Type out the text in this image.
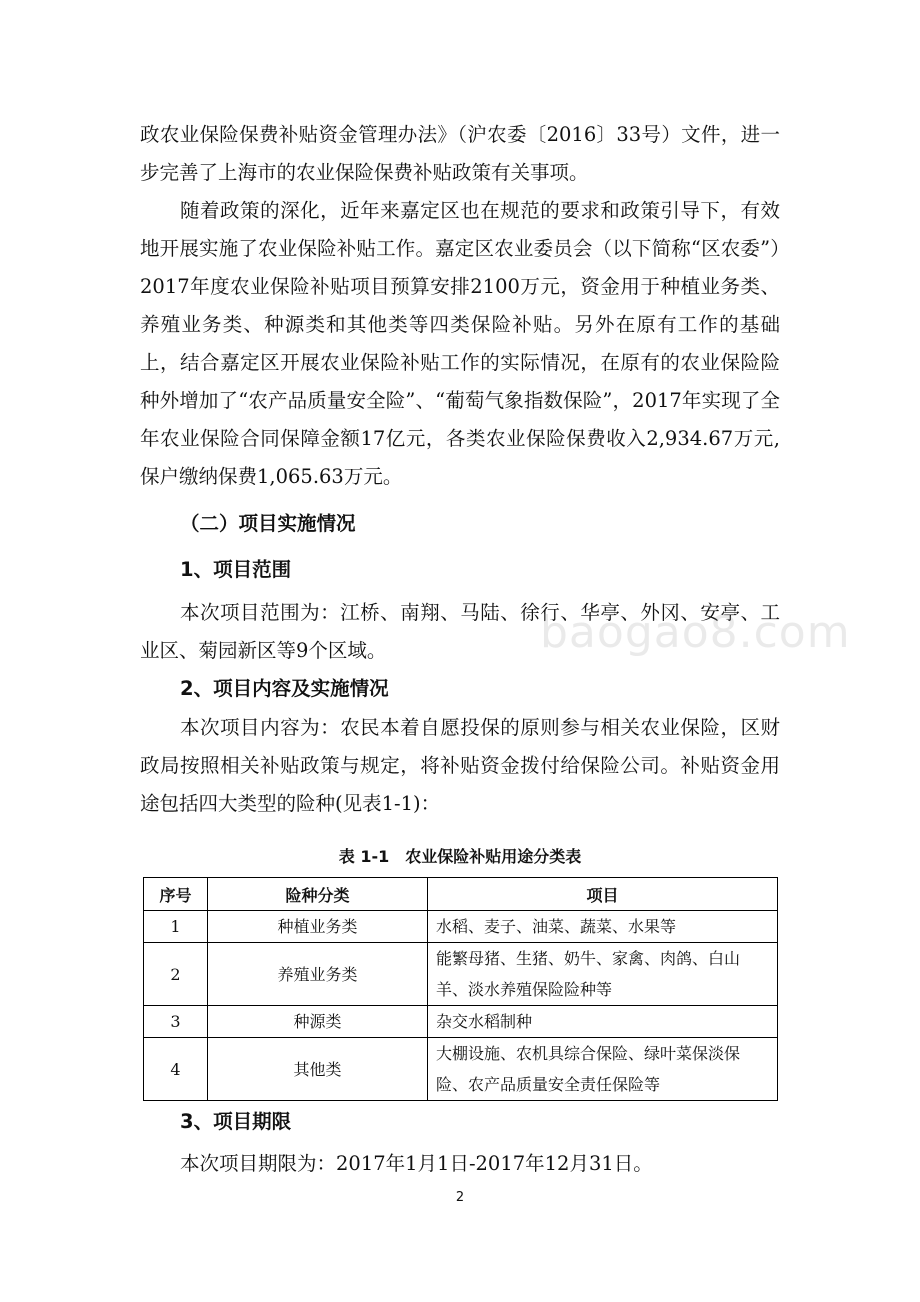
政农业保险保费补贴资金管理办法》（沪农委〔2016〕33号）文件，进一步完善了上海市的农业保险保费补贴政策有关事项。

随着政策的深化，近年来嘉定区也在规范的要求和政策引导下，有效地开展实施了农业保险补贴工作。嘉定区农业委员会（以下简称“区农委”）2017年度农业保险补贴项目预算安排2100万元，资金用于种植业务类、养殖业务类、种源类和其他类等四类保险补贴。另外在原有工作的基础上，结合嘉定区开展农业保险补贴工作的实际情况，在原有的农业保险险种外增加了“农产品质量安全险”、“葡萄气象指数保险”，2017年实现了全年农业保险合同保障金额17亿元，各类农业保险保费收入2,934.67万元,保户缴纳保费1,065.63万元。

（二）项目实施情况

1、项目范围

本次项目范围为：江桥、南翔、马陆、徐行、华亭、外冈、安亭、工业区、菊园新区等9个区域。

2、项目内容及实施情况

本次项目内容为：农民本着自愿投保的原则参与相关农业保险，区财政局按照相关补贴政策与规定，将补贴资金拨付给保险公司。补贴资金用途包括四大类型的险种(见表1-1)：

表 1-1　农业保险补贴用途分类表

序号	险种分类	项目
1	种植业务类	水稻、麦子、油菜、蔬菜、水果等
2	养殖业务类	能繁母猪、生猪、奶牛、家禽、肉鸽、白山羊、淡水养殖保险险种等
3	种源类	杂交水稻制种
4	其他类	大棚设施、农机具综合保险、绿叶菜保淡保险、农产品质量安全责任保险等

3、项目期限

本次项目期限为：2017年1月1日-2017年12月31日。

baogao8.com
2
